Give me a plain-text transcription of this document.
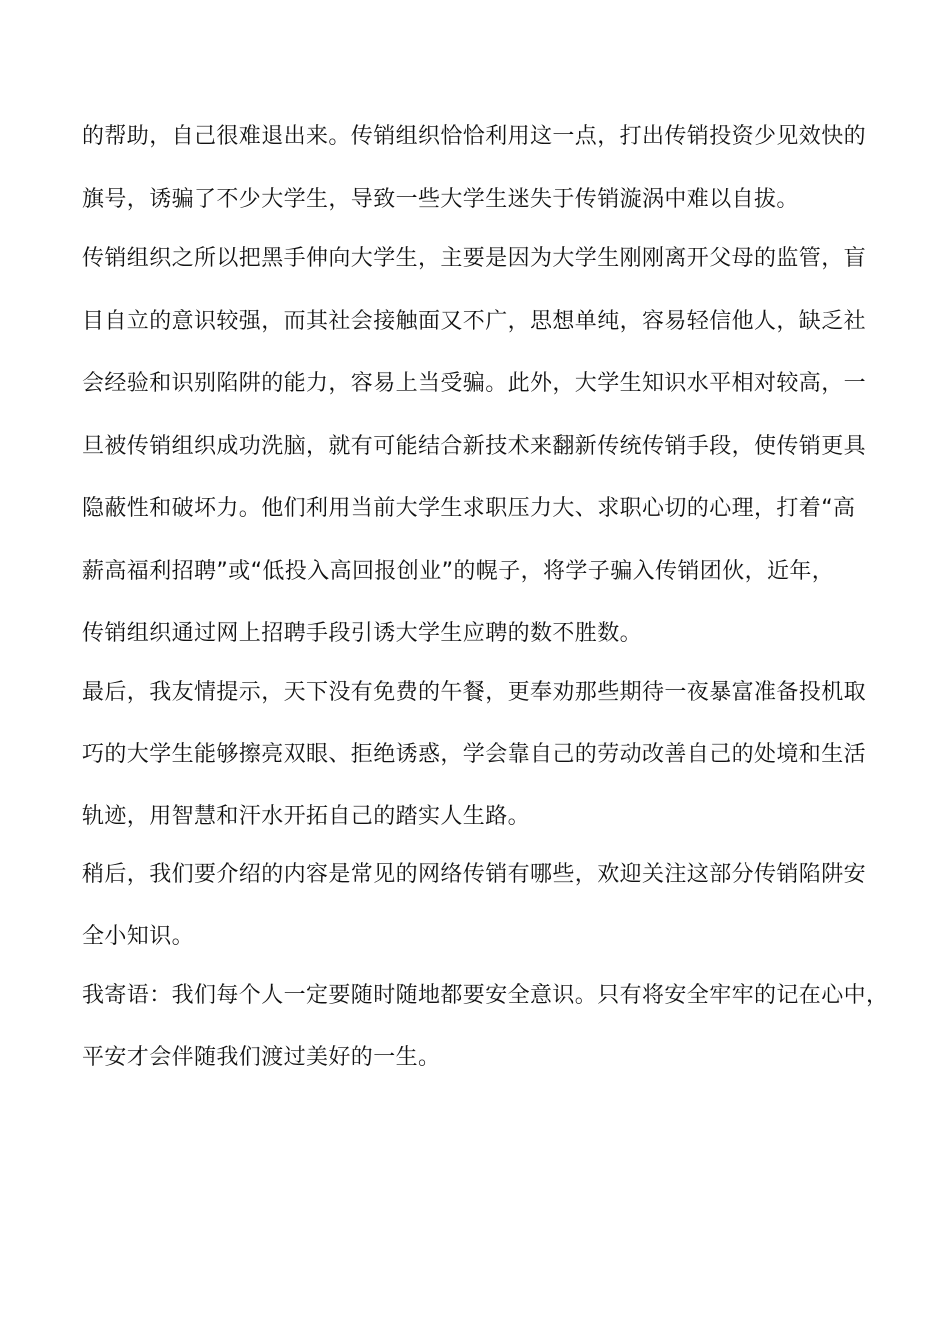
的帮助，自己很难退出来。传销组织恰恰利用这一点，打出传销投资少见效快的
旗号，诱骗了不少大学生，导致一些大学生迷失于传销漩涡中难以自拔。
传销组织之所以把黑手伸向大学生，主要是因为大学生刚刚离开父母的监管，盲
目自立的意识较强，而其社会接触面又不广，思想单纯，容易轻信他人，缺乏社
会经验和识别陷阱的能力，容易上当受骗。此外，大学生知识水平相对较高，一
旦被传销组织成功洗脑，就有可能结合新技术来翻新传统传销手段，使传销更具
隐蔽性和破坏力。他们利用当前大学生求职压力大、求职心切的心理，打着“高
薪高福利招聘”或“低投入高回报创业”的幌子，将学子骗入传销团伙，近年，
传销组织通过网上招聘手段引诱大学生应聘的数不胜数。
最后，我友情提示，天下没有免费的午餐，更奉劝那些期待一夜暴富准备投机取
巧的大学生能够擦亮双眼、拒绝诱惑，学会靠自己的劳动改善自己的处境和生活
轨迹，用智慧和汗水开拓自己的踏实人生路。
稍后，我们要介绍的内容是常见的网络传销有哪些，欢迎关注这部分传销陷阱安
全小知识。
我寄语：我们每个人一定要随时随地都要安全意识。只有将安全牢牢的记在心中，
平安才会伴随我们渡过美好的一生。
